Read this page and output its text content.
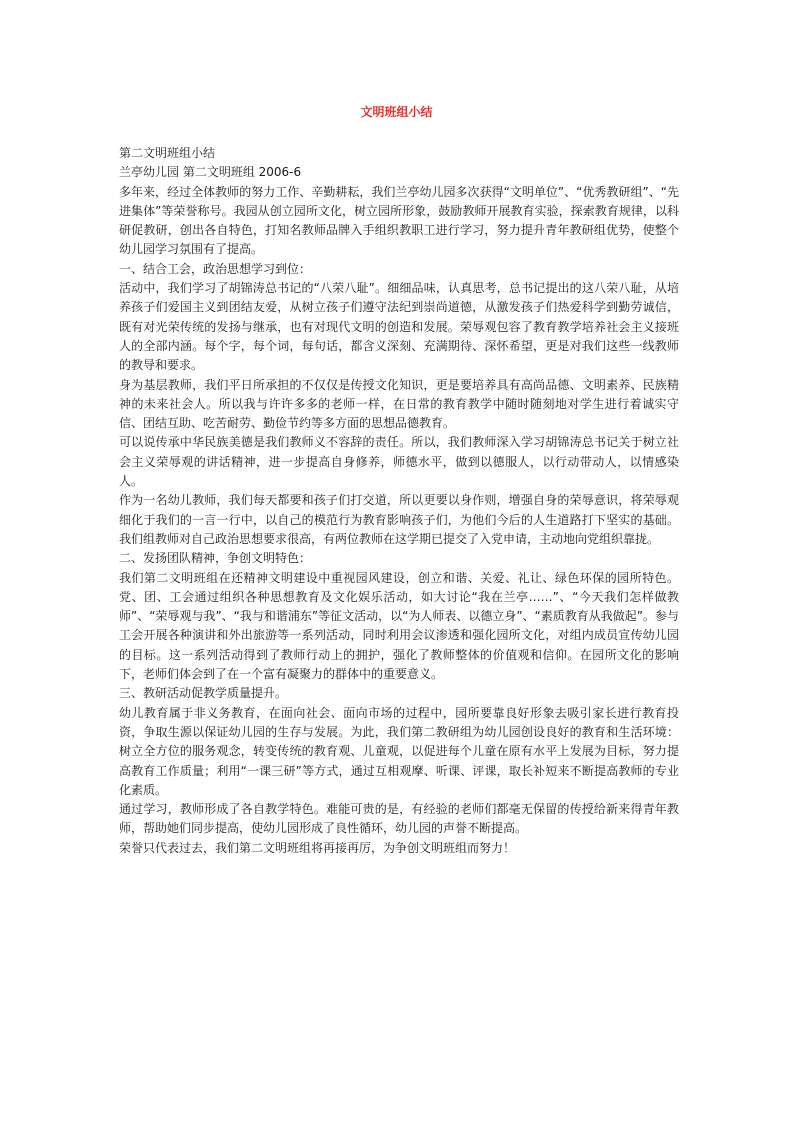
文明班组小结

第二文明班组小结

兰亭幼儿园 第二文明班组 2006-6

多年来，经过全体教师的努力工作、辛勤耕耘，我们兰亭幼儿园多次获得“文明单位”、“优秀教研组”、“先进集体”等荣誉称号。我园从创立园所文化，树立园所形象，鼓励教师开展教育实验，探索教育规律，以科研促教研，创出各自特色，打知名教师品牌入手组织教职工进行学习，努力提升青年教研组优势，使整个幼儿园学习氛围有了提高。

一、结合工会，政治思想学习到位：

活动中，我们学习了胡锦涛总书记的“八荣八耻”。细细品味，认真思考，总书记提出的这八荣八耻，从培养孩子们爱国主义到团结友爱，从树立孩子们遵守法纪到崇尚道德，从激发孩子们热爱科学到勤劳诚信，既有对光荣传统的发扬与继承，也有对现代文明的创造和发展。荣辱观包容了教育教学培养社会主义接班人的全部内涵。每个字，每个词，每句话，都含义深刻、充满期待、深怀希望，更是对我们这些一线教师的教导和要求。

身为基层教师，我们平日所承担的不仅仅是传授文化知识，更是要培养具有高尚品德、文明素养、民族精神的未来社会人。所以我与许许多多的老师一样，在日常的教育教学中随时随刻地对学生进行着诚实守信、团结互助、吃苦耐劳、勤俭节约等多方面的思想品德教育。

可以说传承中华民族美德是我们教师义不容辞的责任。所以，我们教师深入学习胡锦涛总书记关于树立社会主义荣辱观的讲话精神，进一步提高自身修养，师德水平，做到以德服人，以行动带动人，以情感染人。

作为一名幼儿教师，我们每天都要和孩子们打交道，所以更要以身作则，增强自身的荣辱意识，将荣辱观细化于我们的一言一行中，以自己的模范行为教育影响孩子们，为他们今后的人生道路打下坚实的基础。我们组教师对自己政治思想要求很高，有两位教师在这学期已提交了入党申请，主动地向党组织靠拢。

二、发扬团队精神，争创文明特色：

我们第二文明班组在还精神文明建设中重视园风建设，创立和谐、关爱、礼让、绿色环保的园所特色。党、团、工会通过组织各种思想教育及文化娱乐活动，如大讨论“我在兰亭……”、“今天我们怎样做教师”、“荣辱观与我”、“我与和谐浦东”等征文活动，以“为人师表、以德立身”、“素质教育从我做起”。参与工会开展各种演讲和外出旅游等一系列活动，同时利用会议渗透和强化园所文化，对组内成员宣传幼儿园的目标。这一系列活动得到了教师行动上的拥护，强化了教师整体的价值观和信仰。在园所文化的影响下，老师们体会到了在一个富有凝聚力的群体中的重要意义。

三、教研活动促教学质量提升。

幼儿教育属于非义务教育，在面向社会、面向市场的过程中，园所要靠良好形象去吸引家长进行教育投资，争取生源以保证幼儿园的生存与发展。为此，我们第二教研组为幼儿园创设良好的教育和生活环境：树立全方位的服务观念，转变传统的教育观、儿童观，以促进每个儿童在原有水平上发展为目标，努力提高教育工作质量；利用“一课三研”等方式，通过互相观摩、听课、评课，取长补短来不断提高教师的专业化素质。

通过学习，教师形成了各自教学特色。难能可贵的是，有经验的老师们都毫无保留的传授给新来得青年教师，帮助她们同步提高，使幼儿园形成了良性循环，幼儿园的声誉不断提高。

荣誉只代表过去，我们第二文明班组将再接再厉，为争创文明班组而努力！
